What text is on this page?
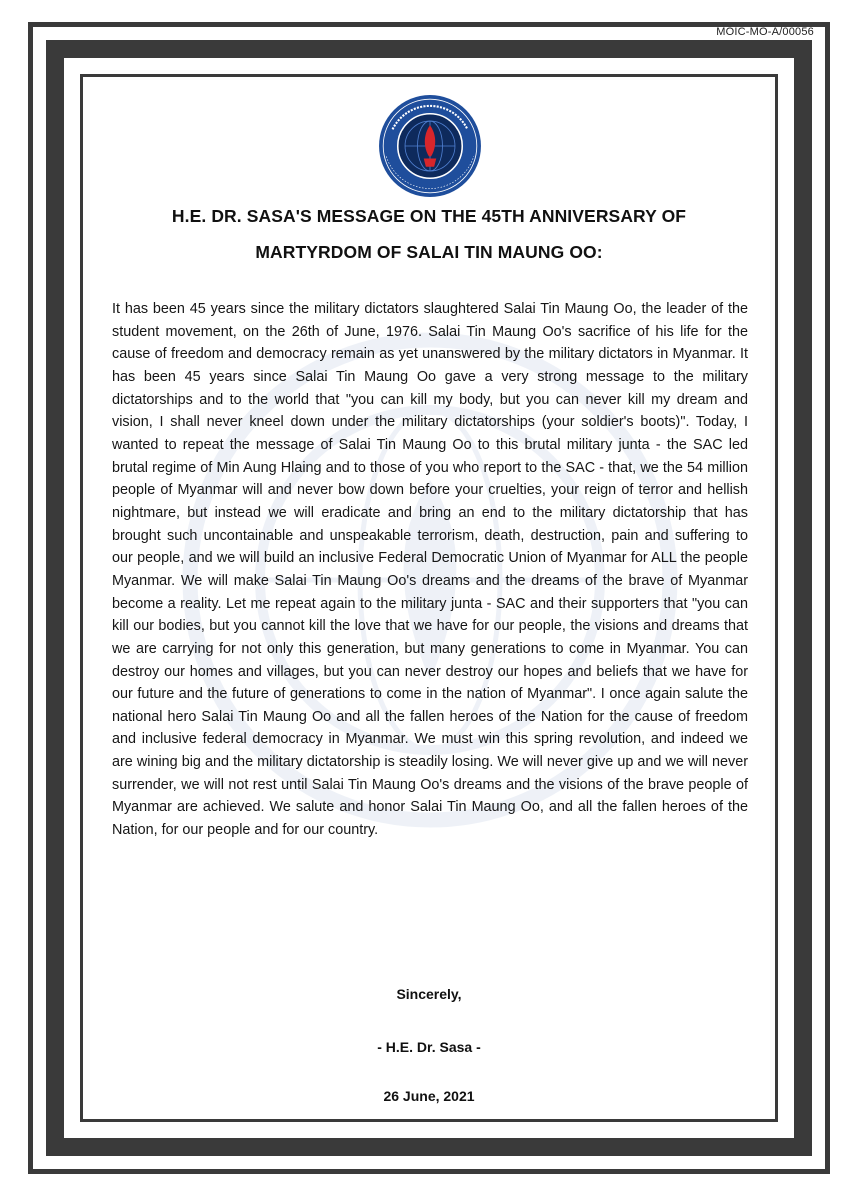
MOIC-MO-A/00056
H.E. DR. SASA'S MESSAGE ON THE 45TH ANNIVERSARY OF
MARTYRDOM OF SALAI TIN MAUNG OO:
It has been 45 years since the military dictators slaughtered Salai Tin Maung Oo, the leader of the student movement, on the 26th of June, 1976. Salai Tin Maung Oo's sacrifice of his life for the cause of freedom and democracy remain as yet unanswered by the military dictators in Myanmar. It has been 45 years since Salai Tin Maung Oo gave a very strong message to the military dictatorships and to the world that "you can kill my body, but you can never kill my dream and vision, I shall never kneel down under the military dictatorships (your soldier's boots)". Today, I wanted to repeat the message of Salai Tin Maung Oo to this brutal military junta - the SAC led brutal regime of Min Aung Hlaing and to those of you who report to the SAC - that, we the 54 million people of Myanmar will and never bow down before your cruelties, your reign of terror and hellish nightmare, but instead we will eradicate and bring an end to the military dictatorship that has brought such uncontainable and unspeakable terrorism, death, destruction, pain and suffering to our people, and we will build an inclusive Federal Democratic Union of Myanmar for ALL the people Myanmar. We will make Salai Tin Maung Oo's dreams and the dreams of the brave of Myanmar become a reality. Let me repeat again to the military junta - SAC and their supporters that "you can kill our bodies, but you cannot kill the love that we have for our people, the visions and dreams that we are carrying for not only this generation, but many generations to come in Myanmar. You can destroy our homes and villages, but you can never destroy our hopes and beliefs that we have for our future and the future of generations to come in the nation of Myanmar". I once again salute the national hero Salai Tin Maung Oo and all the fallen heroes of the Nation for the cause of freedom and inclusive federal democracy in Myanmar. We must win this spring revolution, and indeed we are wining big and the military dictatorship is steadily losing. We will never give up and we will never surrender, we will not rest until Salai Tin Maung Oo's dreams and the visions of the brave people of Myanmar are achieved. We salute and honor Salai Tin Maung Oo, and all the fallen heroes of the Nation, for our people and for our country.
Sincerely,
- H.E. Dr. Sasa -
26 June, 2021
